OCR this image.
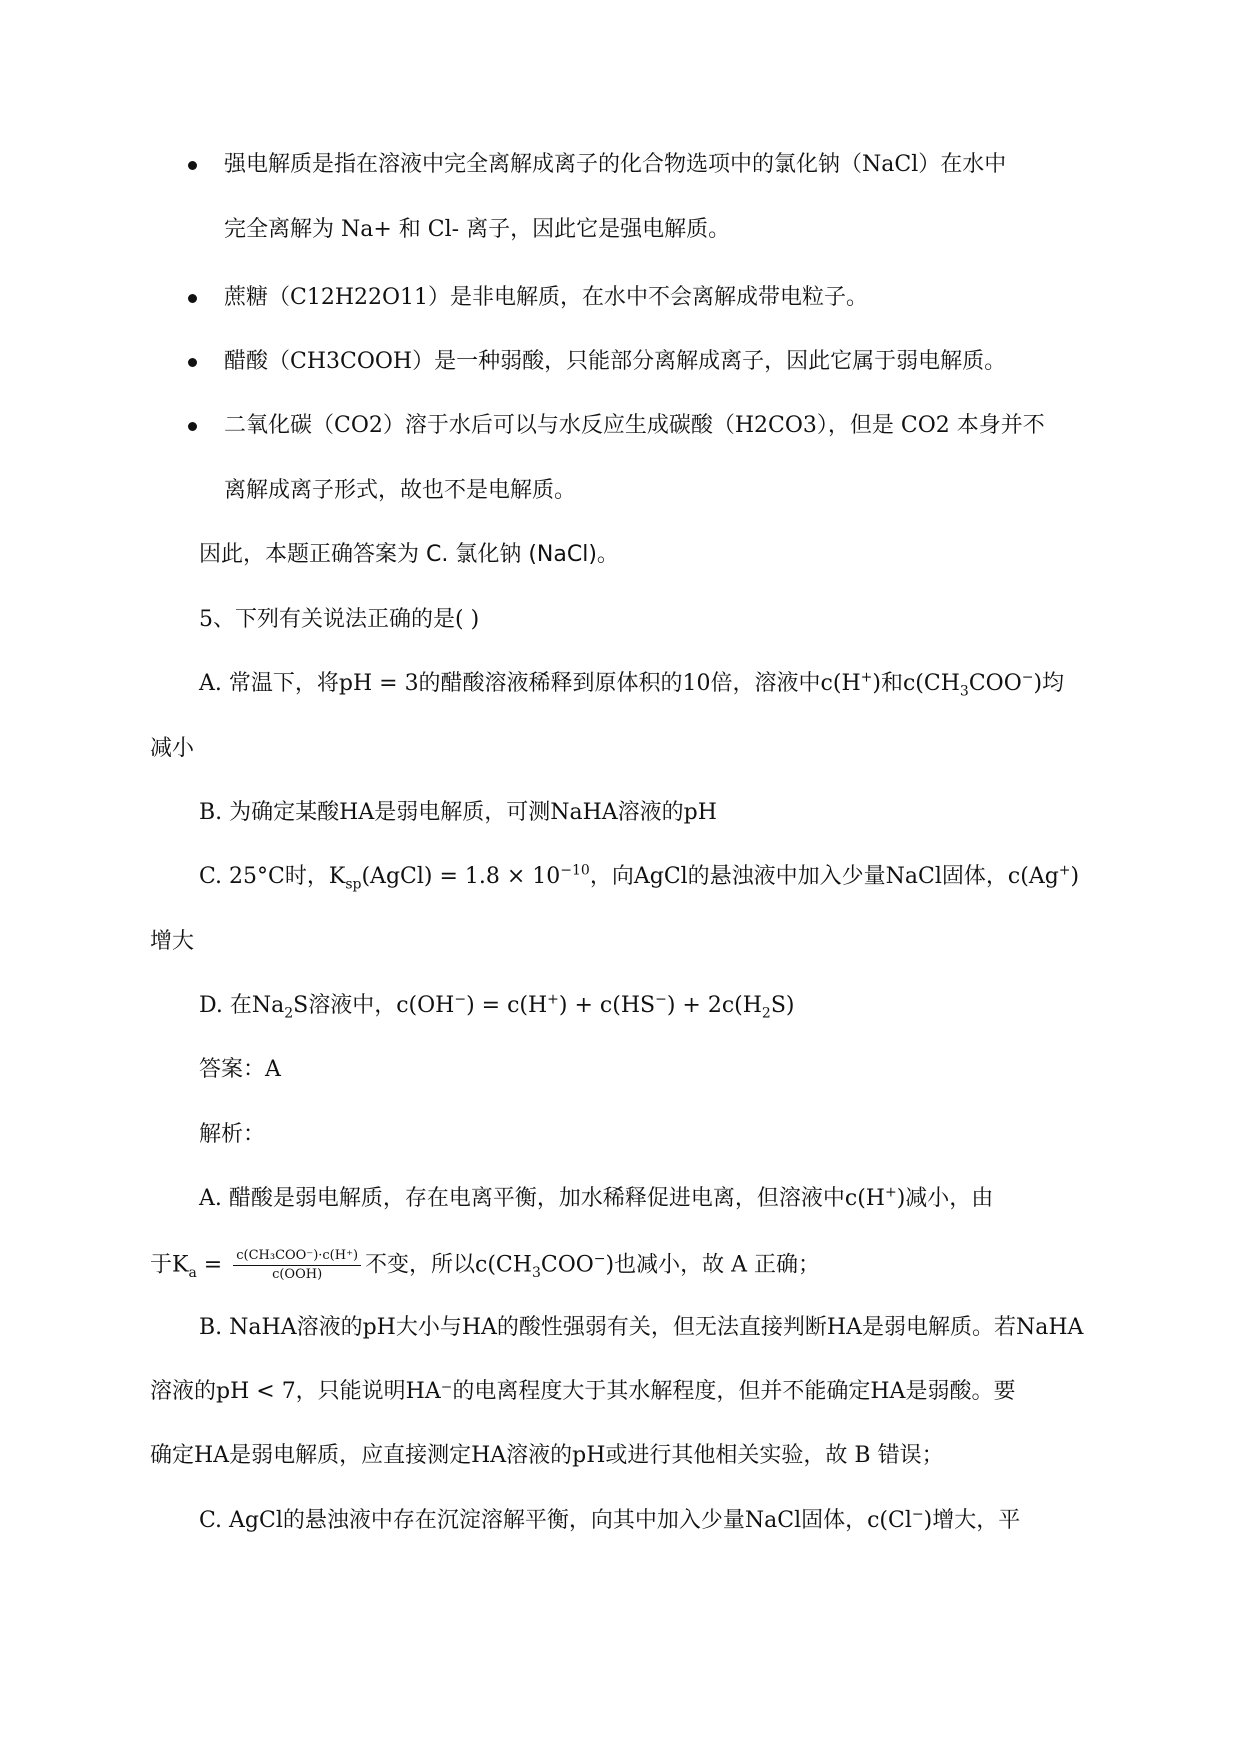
强电解质是指在溶液中完全离解成离子的化合物选项中的氯化钠（NaCl）在水中
完全离解为 Na+ 和 Cl- 离子，因此它是强电解质。
蔗糖（C12H22O11）是非电解质，在水中不会离解成带电粒子。
醋酸（CH3COOH）是一种弱酸，只能部分离解成离子，因此它属于弱电解质。
二氧化碳（CO2）溶于水后可以与水反应生成碳酸（H2CO3），但是 CO2 本身并不
离解成离子形式，故也不是电解质。
因此，本题正确答案为 C. 氯化钠 (NaCl)。
5、下列有关说法正确的是( )
A. 常温下，将pH = 3的醋酸溶液稀释到原体积的10倍，溶液中c(H+)和$c(CH_3COO^-)$均
减小
B. 为确定某酸HA是弱电解质，可测NaHA溶液的pH
C. 25°C时，$K_{sp}(AgCl) = 1.8 \times 10^{-10}$，向AgCl的悬浊液中加入少量NaCl固体，c(Ag+)
增大
D. 在$Na_2S$溶液中，$c(OH^-) = c(H^+) + c(HS^-) + 2c(H_2S)$
答案：A
解析：
A. 醋酸是弱电解质，存在电离平衡，加水稀释促进电离，但溶液中c(H+)减小，由
于$K_a = \frac{\text{c(CH₃COO⁻)·c(H⁺)}}{\text{c(OOH)}}$ 不变，所以$c(CH_3COO^-)$也减小，故 A 正确；
B. NaHA溶液的pH大小与HA的酸性强弱有关，但无法直接判断HA是弱电解质。若NaHA
溶液的pH < 7，只能说明HA⁻的电离程度大于其水解程度，但并不能确定HA是弱酸。要
确定HA是弱电解质，应直接测定HA溶液的pH或进行其他相关实验，故 B 错误；
C. AgCl的悬浊液中存在沉淀溶解平衡，向其中加入少量NaCl固体，c(Cl−)增大，平
